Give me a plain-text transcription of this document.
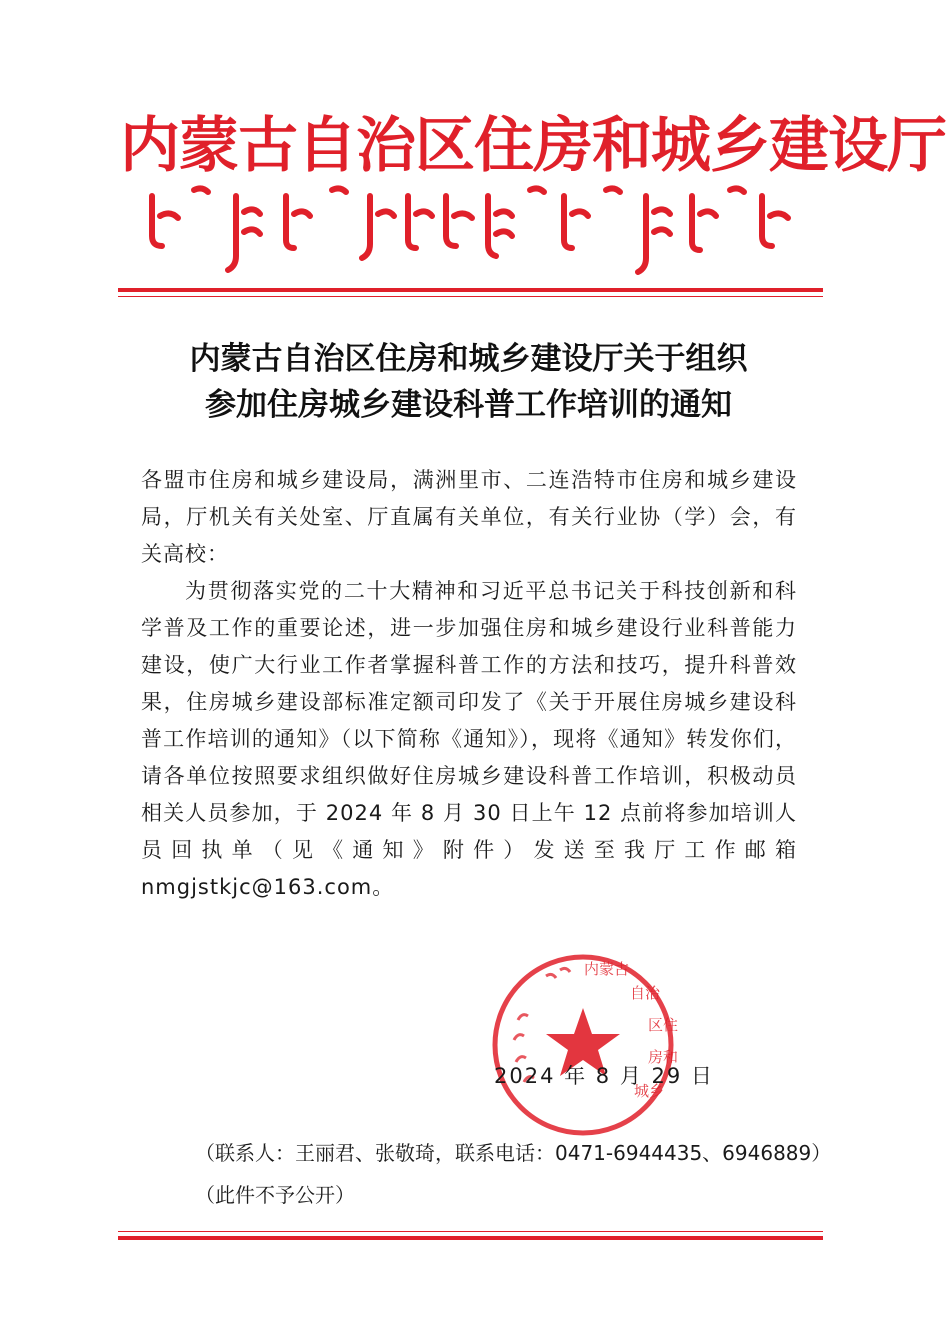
内蒙古自治区住房和城乡建设厅
内蒙古自治区住房和城乡建设厅关于组织
参加住房城乡建设科普工作培训的通知

各盟市住房和城乡建设局，满洲里市、二连浩特市住房和城乡建设局，厅机关有关处室、厅直属有关单位，有关行业协（学）会，有关高校：

为贯彻落实党的二十大精神和习近平总书记关于科技创新和科学普及工作的重要论述，进一步加强住房和城乡建设行业科普能力建设，使广大行业工作者掌握科普工作的方法和技巧，提升科普效果，住房城乡建设部标准定额司印发了《关于开展住房城乡建设科普工作培训的通知》（以下简称《通知》），现将《通知》转发你们，请各单位按照要求组织做好住房城乡建设科普工作培训，积极动员相关人员参加，于 2024 年 8 月 30 日上午 12 点前将参加培训人员回执单（见《通知》附件）发送至我厅工作邮箱 nmgjstkjc@163.com。

内蒙古
自治
区住
房和
城乡
2024 年 8 月 29 日
（联系人：王丽君、张敬琦，联系电话：0471-6944435、6946889）
（此件不予公开）
